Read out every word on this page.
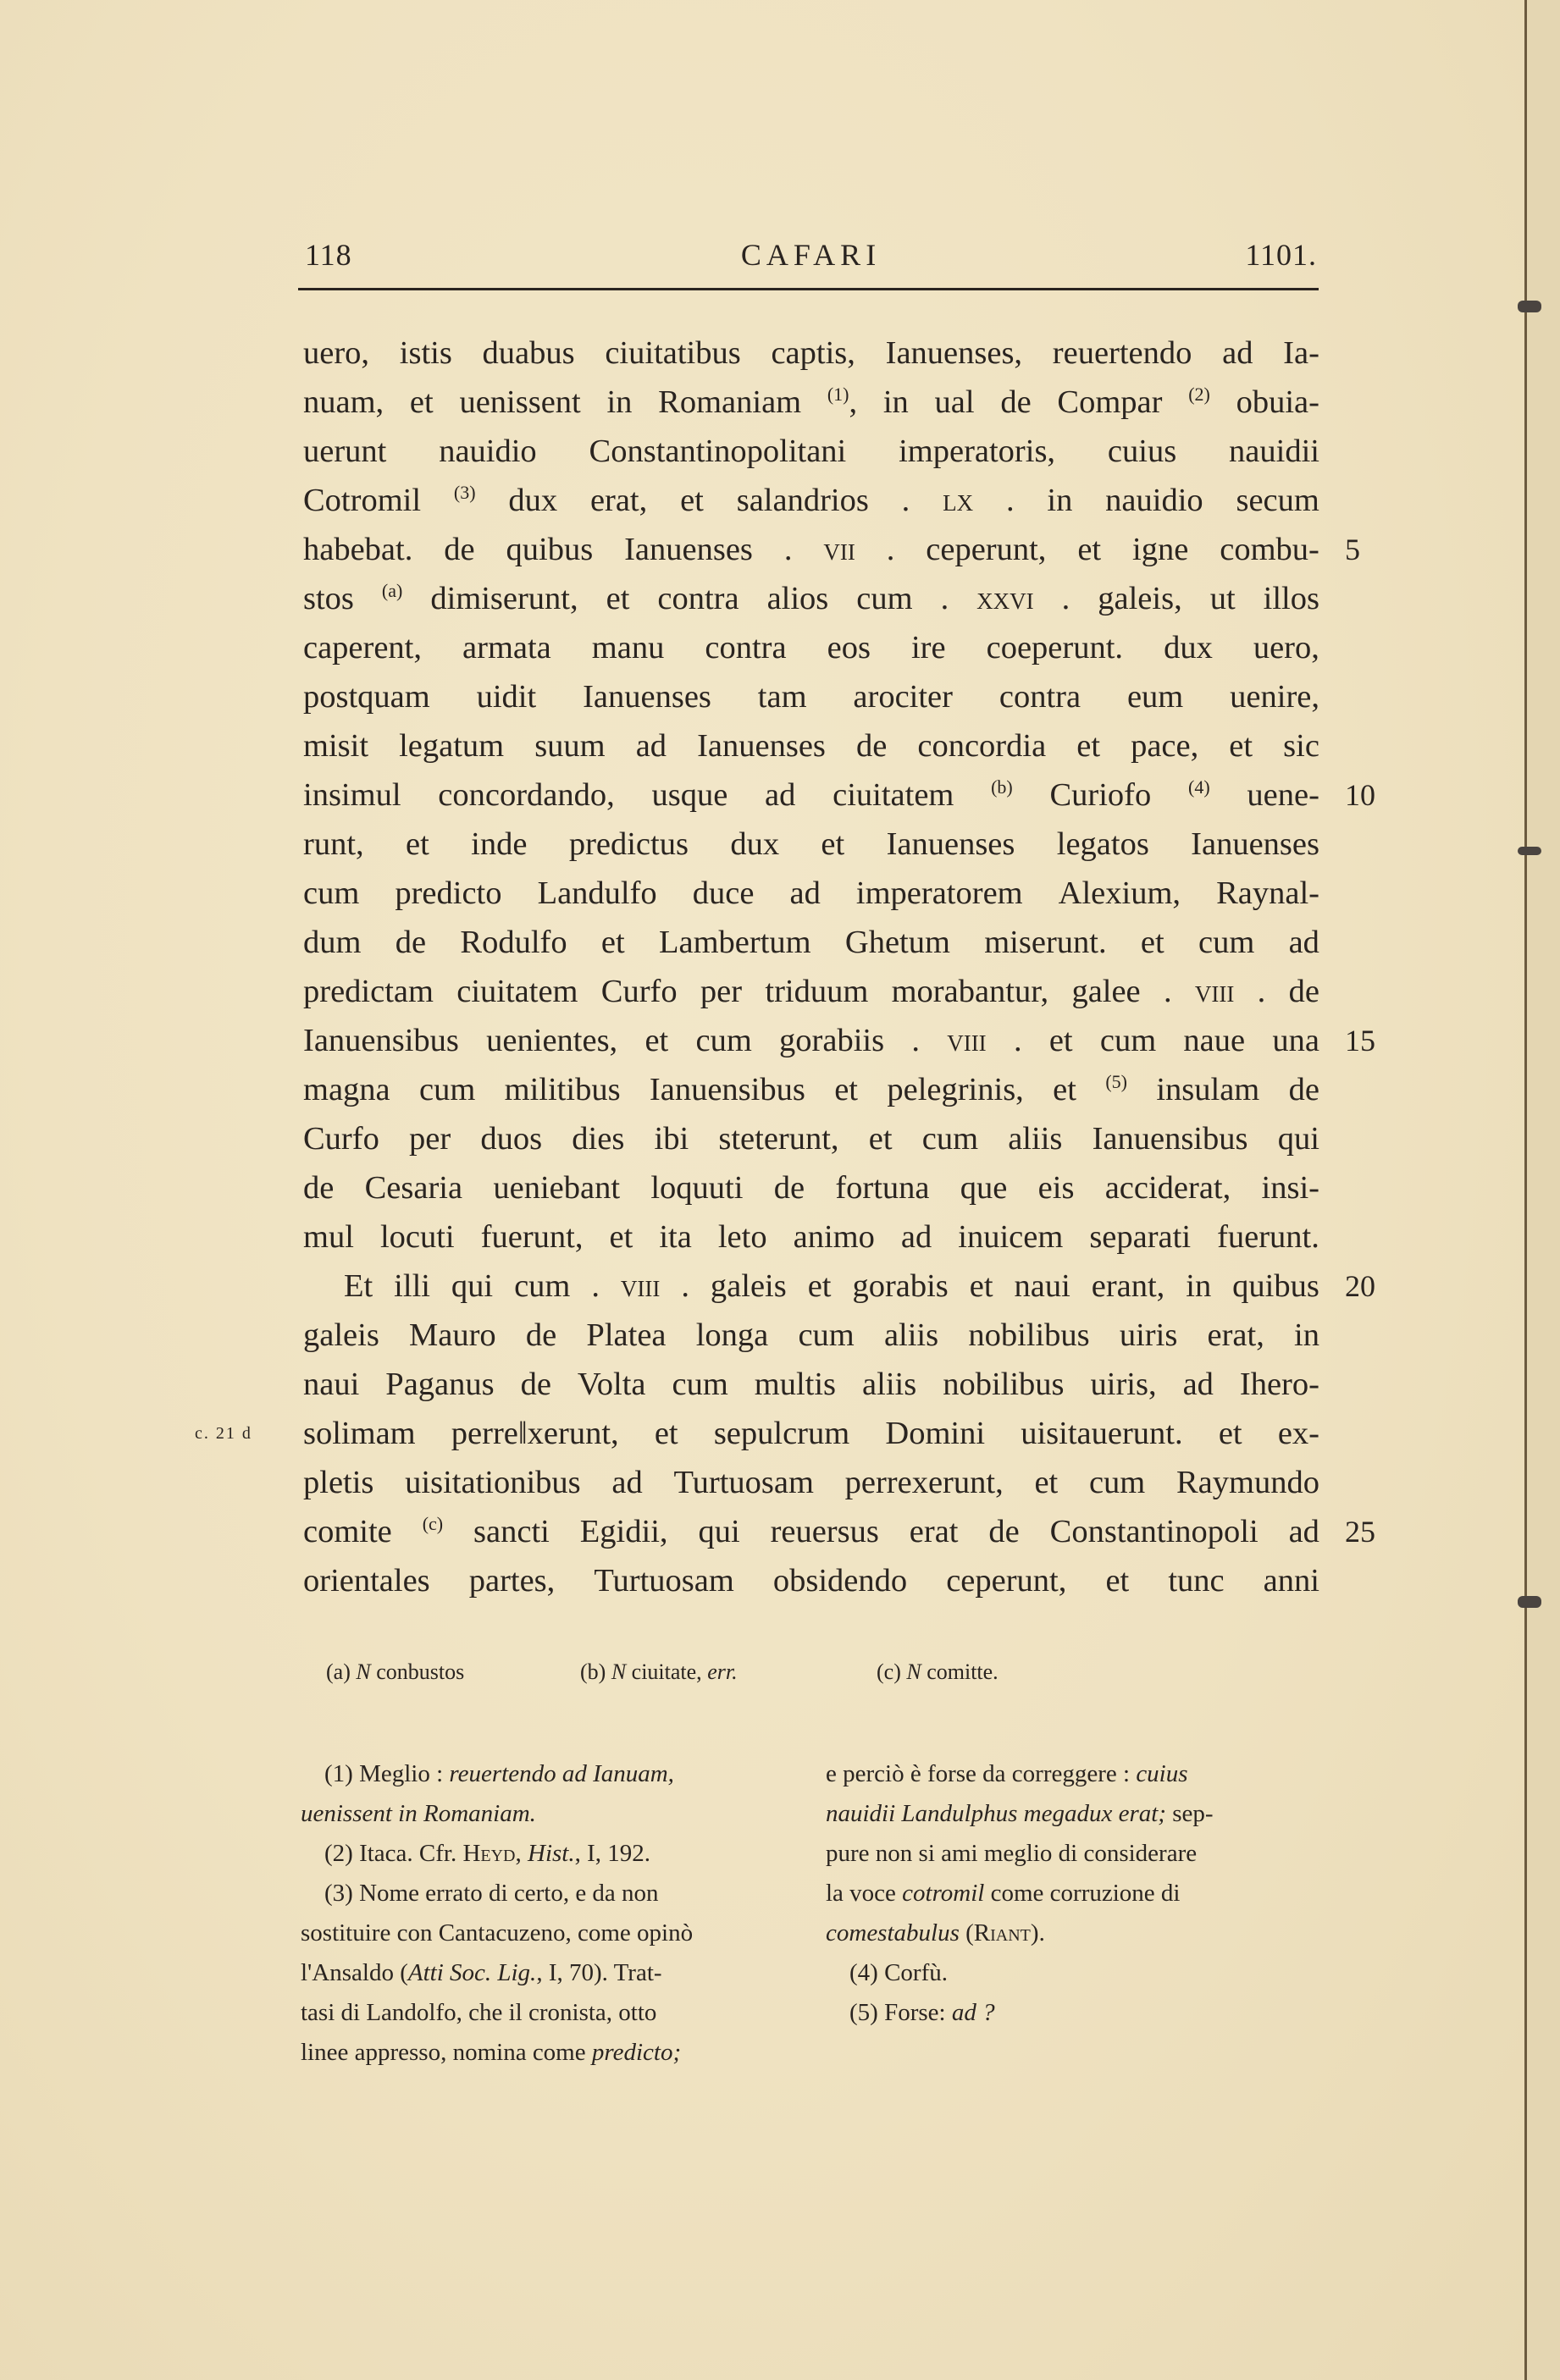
118	CAFARI	1101.
uero, istis duabus ciuitatibus captis, Ianuenses, reuertendo ad Ia-
nuam, et uenissent in Romaniam $^{(1)}$, in ual de Compar $^{(2)}$ obuia-
uerunt nauidio Constantinopolitani imperatoris, cuius nauidii
Cotromil $^{(3)}$ dux erat, et salandrios . lx . in nauidio secum
habebat. de quibus Ianuenses . vii . ceperunt, et igne combu-
stos $^{(a)}$ dimiserunt, et contra alios cum . xxvi . galeis, ut illos
caperent, armata manu contra eos ire coeperunt. dux uero,
postquam uidit Ianuenses tam arociter contra eum uenire,
misit legatum suum ad Ianuenses de concordia et pace, et sic
insimul concordando, usque ad ciuitatem $^{(b)}$ Curiofo $^{(4)}$ uene-
runt, et inde predictus dux et Ianuenses legatos Ianuenses
cum predicto Landulfo duce ad imperatorem Alexium, Raynal-
dum de Rodulfo et Lambertum Ghetum miserunt. et cum ad
predictam ciuitatem Curfo per triduum morabantur, galee . viii . de
Ianuensibus uenientes, et cum gorabiis . viii . et cum naue una
magna cum militibus Ianuensibus et pelegrinis, et $^{(5)}$ insulam de
Curfo per duos dies ibi steterunt, et cum aliis Ianuensibus qui
de Cesaria ueniebant loquuti de fortuna que eis acciderat, insi-
mul locuti fuerunt, et ita leto animo ad inuicem separati fuerunt.
Et illi qui cum . viii . galeis et gorabis et naui erant, in quibus
galeis Mauro de Platea longa cum aliis nobilibus uiris erat, in
naui Paganus de Volta cum multis aliis nobilibus uiris, ad Ihero-
solimam perre‖xerunt, et sepulcrum Domini uisitauerunt. et ex-
pletis uisitationibus ad Turtuosam perrexerunt, et cum Raymundo
comite $^{(c)}$ sancti Egidii, qui reuersus erat de Constantinopoli ad
orientales partes, Turtuosam obsidendo ceperunt, et tunc anni
5
10
15
20
25
c. 21 d
(a) N conbustos	(b) N ciuitate, err.	(c) N comitte.
(1) Meglio : reuertendo ad Ianuam,
uenissent in Romaniam.
(2) Itaca. Cfr. Heyd, Hist., I, 192.
(3) Nome errato di certo, e da non
sostituire con Cantacuzeno, come opinò
l'Ansaldo (Atti Soc. Lig., I, 70). Trat-
tasi di Landolfo, che il cronista, otto
linee appresso, nomina come predicto;
e perciò è forse da correggere : cuius
nauidii Landulphus megadux erat; sep-
pure non si ami meglio di considerare
la voce cotromil come corruzione di
comestabulus (Riant).
(4) Corfù.
(5) Forse: ad ?
